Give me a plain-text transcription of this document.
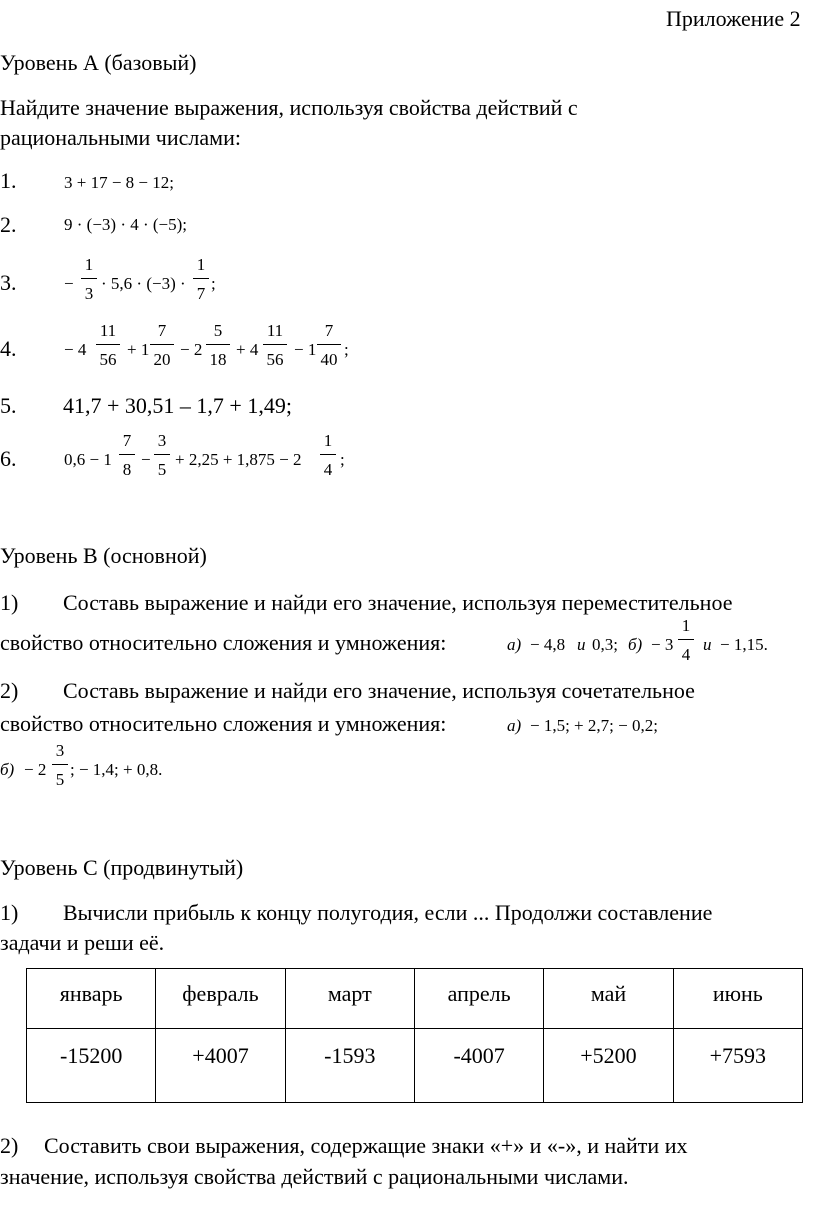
Приложение 2
Уровень А (базовый)
Найдите значение выражения, используя свойства действий с
рациональными числами:
1.	3 + 17 − 8 − 12;
2.	9 · (−3) · 4 · (−5);
3.	−
1
3
· 5,6 · (−3) ·
1
7
;
4.	− 4
11
56
+ 1
7
20
− 2
5
18
+ 4
11
56
− 1
7
40
;
5. 41,7 + 30,51 – 1,7 + 1,49;
6.	0,6 − 1
7
8
−
3
5
+ 2,25 + 1,875 − 2
1
4
;
Уровень В (основной)
1) Составь выражение и найди его значение, используя переместительное
свойство относительно сложения и умножения:	а) − 4,8 и 0,3; б) − 3
1
4
и − 1,15.
2) Составь выражение и найди его значение, используя сочетательное
свойство относительно сложения и умножения:	а) − 1,5; + 2,7; − 0,2;
б) − 2
3
5
; − 1,4; + 0,8.
Уровень С (продвинутый)
1) Вычисли прибыль к концу полугодия, если ... Продолжи составление
задачи и реши её.
январь	февраль	март	апрель	май	июнь
-15200	+4007	-1593	-4007	+5200	+7593
2) Составить свои выражения, содержащие знаки «+» и «-», и найти их
значение, используя свойства действий с рациональными числами.
